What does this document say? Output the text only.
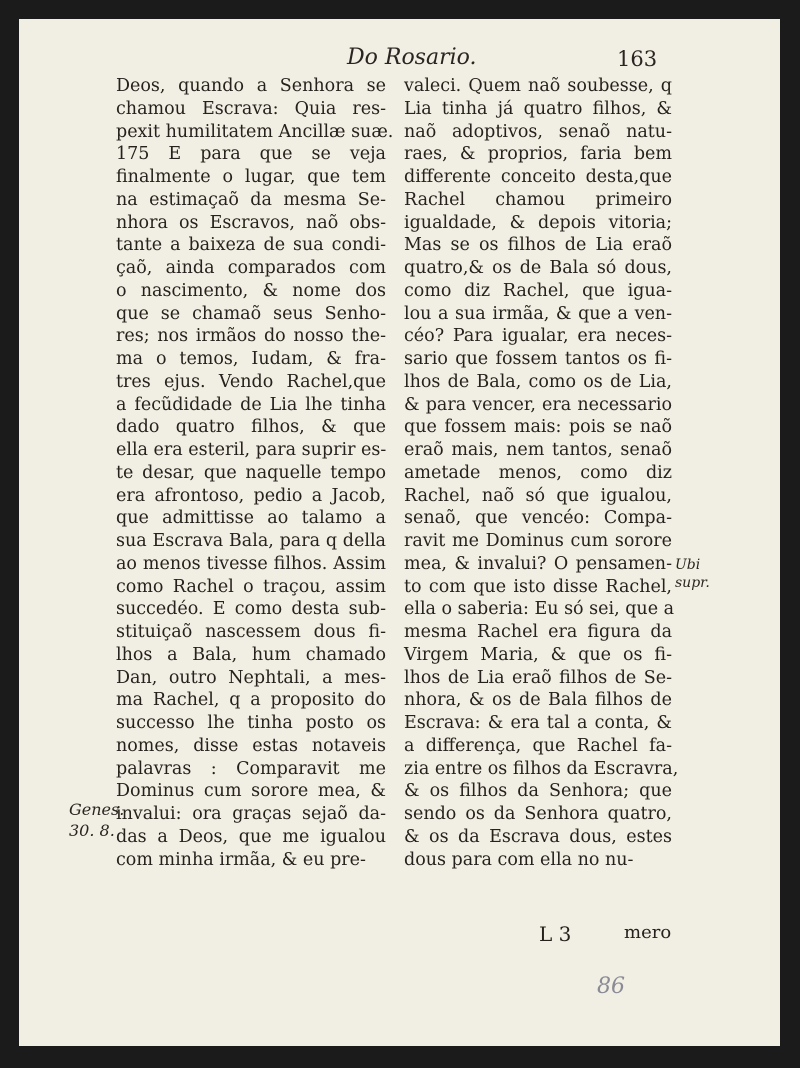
Do Rosario.	163
Deos, quando a Senhora se
chamou Escrava: Quia res-
pexit humilitatem Ancillæ suæ.
175 E para que se veja
finalmente o lugar, que tem
na estimaçaõ da mesma Se-
nhora os Escravos, naõ obs-
tante a baixeza de sua condi-
çaõ, ainda comparados com
o nascimento, & nome dos
que se chamaõ seus Senho-
res; nos irmãos do nosso the-
ma o temos, Iudam, & fra-
tres ejus. Vendo Rachel,que
a fecũdidade de Lia lhe tinha
dado quatro filhos, & que
ella era esteril, para suprir es-
te desar, que naquelle tempo
era afrontoso, pedio a Jacob,
que admittisse ao talamo a
sua Escrava Bala, para q della
ao menos tivesse filhos. Assim
como Rachel o traçou, assim
succedéo. E como desta sub-
stituiçaõ nascessem dous fi-
lhos a Bala, hum chamado
Dan, outro Nephtali, a mes-
ma Rachel, q a proposito do
successo lhe tinha posto os
nomes, disse estas notaveis
palavras : Comparavit me
Dominus cum sorore mea, &
invalui: ora graças sejaõ da-
das a Deos, que me igualou
com minha irmãa, & eu pre-
valeci. Quem naõ soubesse, q
Lia tinha já quatro filhos, &
naõ adoptivos, senaõ natu-
raes, & proprios, faria bem
differente conceito desta,que
Rachel chamou primeiro
igualdade, & depois vitoria;
Mas se os filhos de Lia eraõ
quatro,& os de Bala só dous,
como diz Rachel, que igua-
lou a sua irmãa, & que a ven-
céo? Para igualar, era neces-
sario que fossem tantos os fi-
lhos de Bala, como os de Lia,
& para vencer, era necessario
que fossem mais: pois se naõ
eraõ mais, nem tantos, senaõ
ametade menos, como diz
Rachel, naõ só que igualou,
senaõ, que vencéo: Compa-
ravit me Dominus cum sorore
mea, & invalui? O pensamen-
to com que isto disse Rachel,
ella o saberia: Eu só sei, que a
mesma Rachel era figura da
Virgem Maria, & que os fi-
lhos de Lia eraõ filhos de Se-
nhora, & os de Bala filhos de
Escrava: & era tal a conta, &
a differença, que Rachel fa-
zia entre os filhos da Escravra,
& os filhos da Senhora; que
sendo os da Senhora quatro,
& os da Escrava dous, estes
dous para com ella no nu-
Genes.
30. 8.
Ubi
supr.
L 3	mero
86
